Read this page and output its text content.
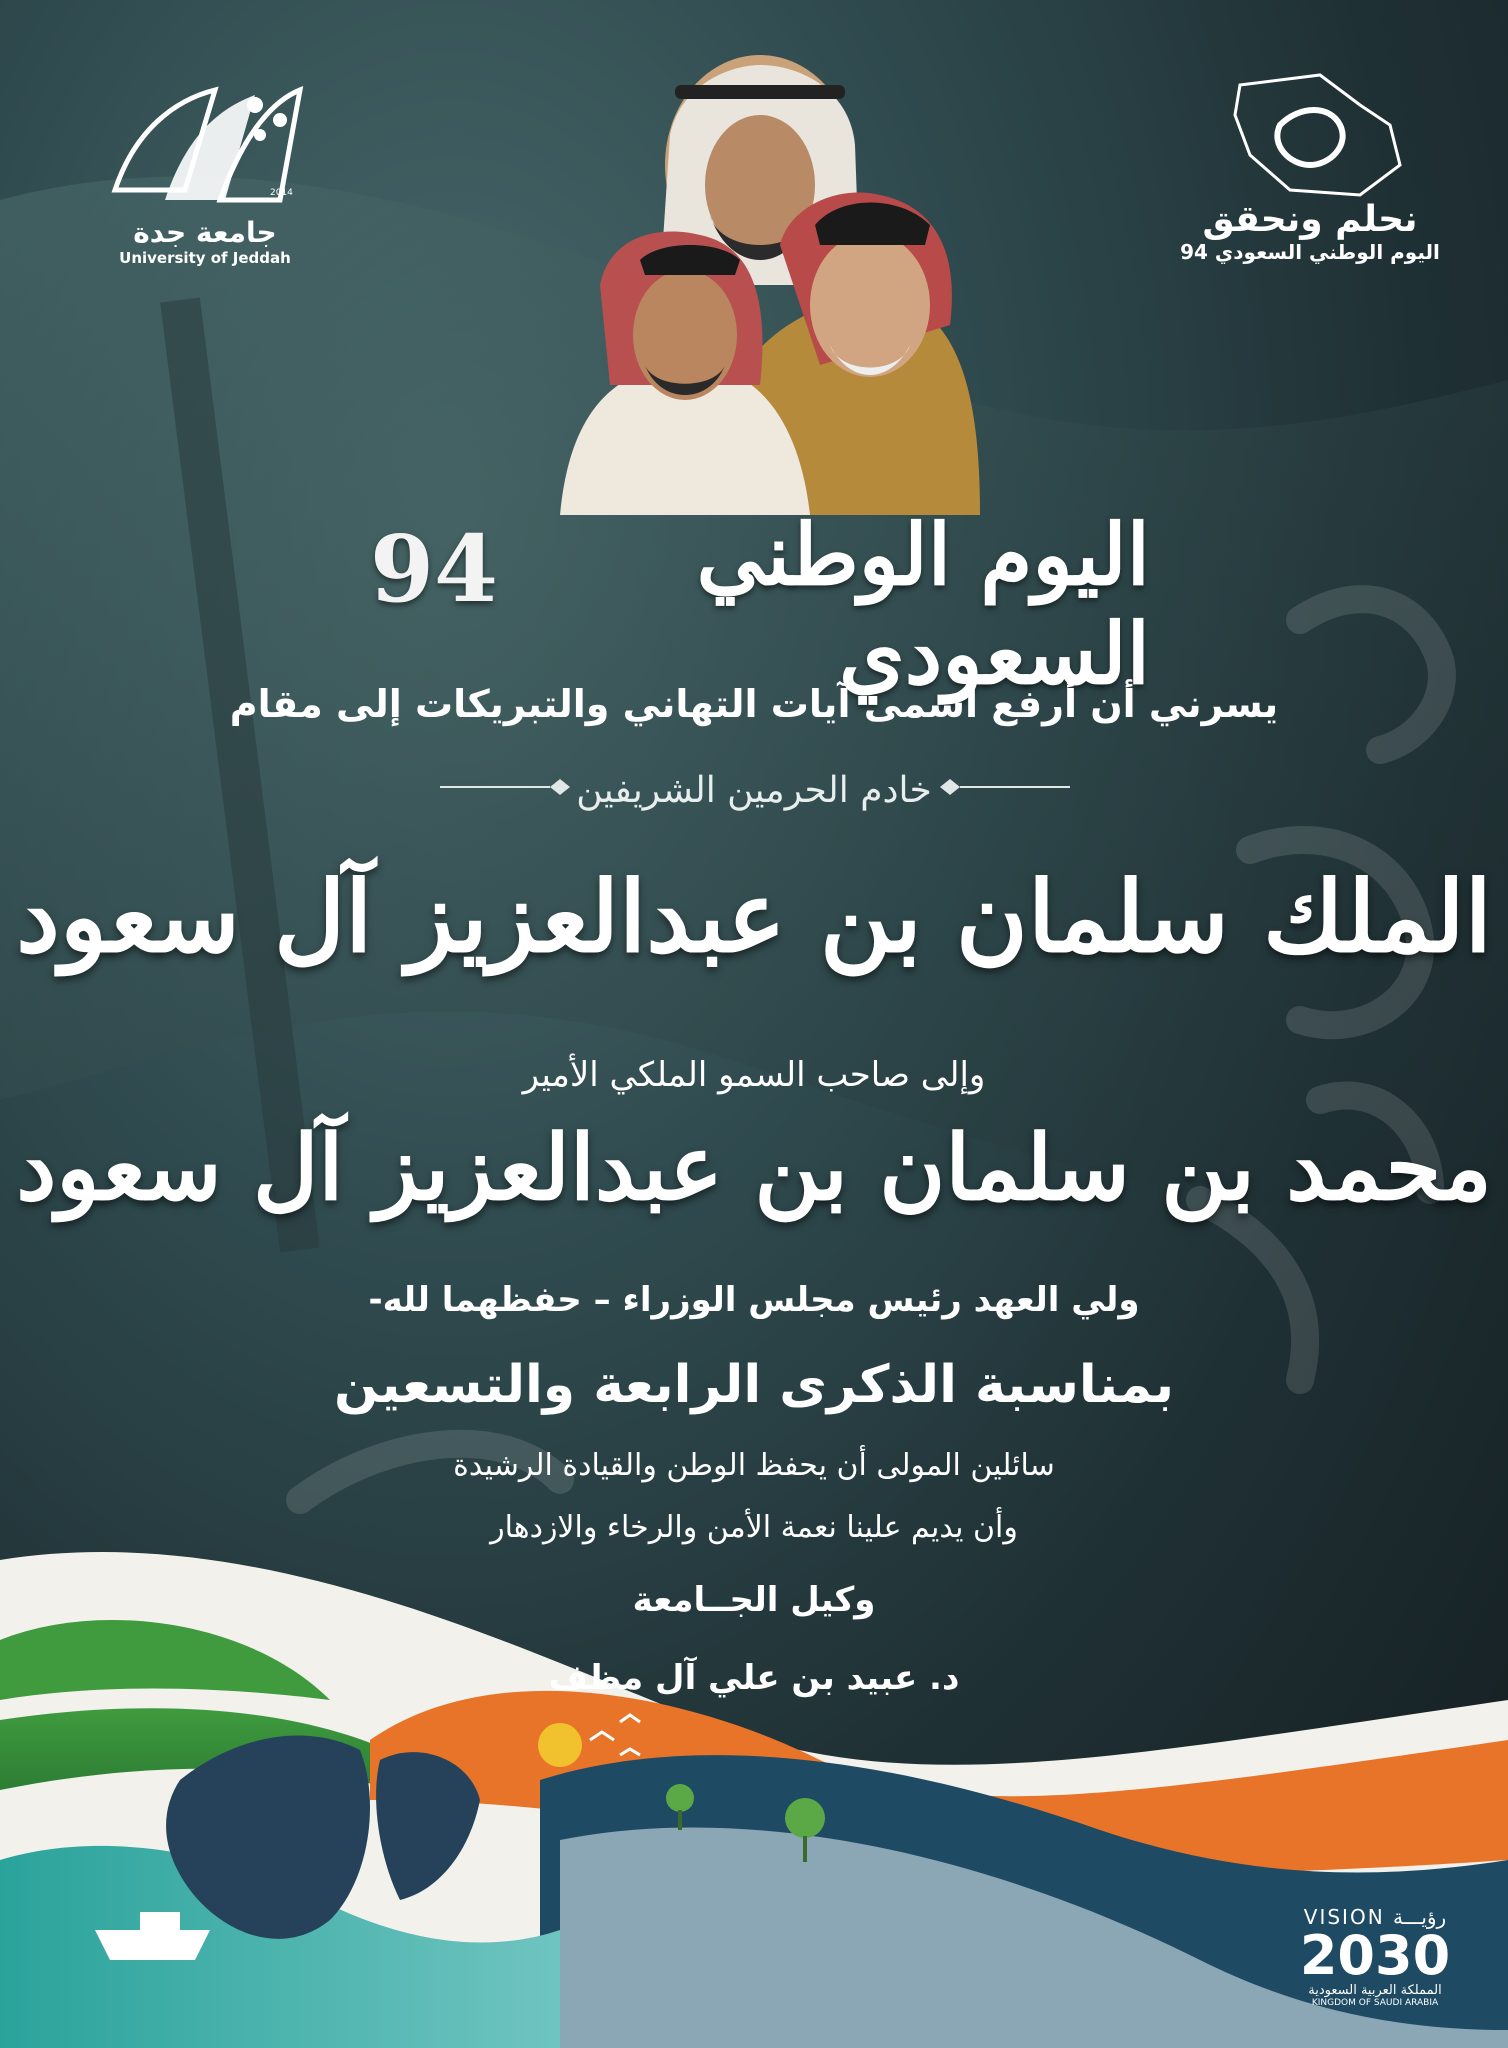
2014
جامعة جدة
University of Jeddah
نحلم ونحقق
اليوم الوطني السعودي 94
اليوم الوطني السعودي
94
يسرني أن أرفع أسمى آيات التهاني والتبريكات إلى مقام
خادم الحرمين الشريفين
الملك سلمان بن عبدالعزيز آل سعود
وإلى صاحب السمو الملكي الأمير
محمد بن سلمان بن عبدالعزيز آل سعود
ولي العهد رئيس مجلس الوزراء – حفظهما لله-
بمناسبة الذكرى الرابعة والتسعين
سائلين المولى أن يحفظ الوطن والقيادة الرشيدة
وأن يديم علينا نعمة الأمن والرخاء والازدهار
وكيل الجــامعة
د. عبيد بن علي آل مظف
VISION رؤيـــة
2030
المملكة العربية السعودية
KINGDOM OF SAUDI ARABIA
